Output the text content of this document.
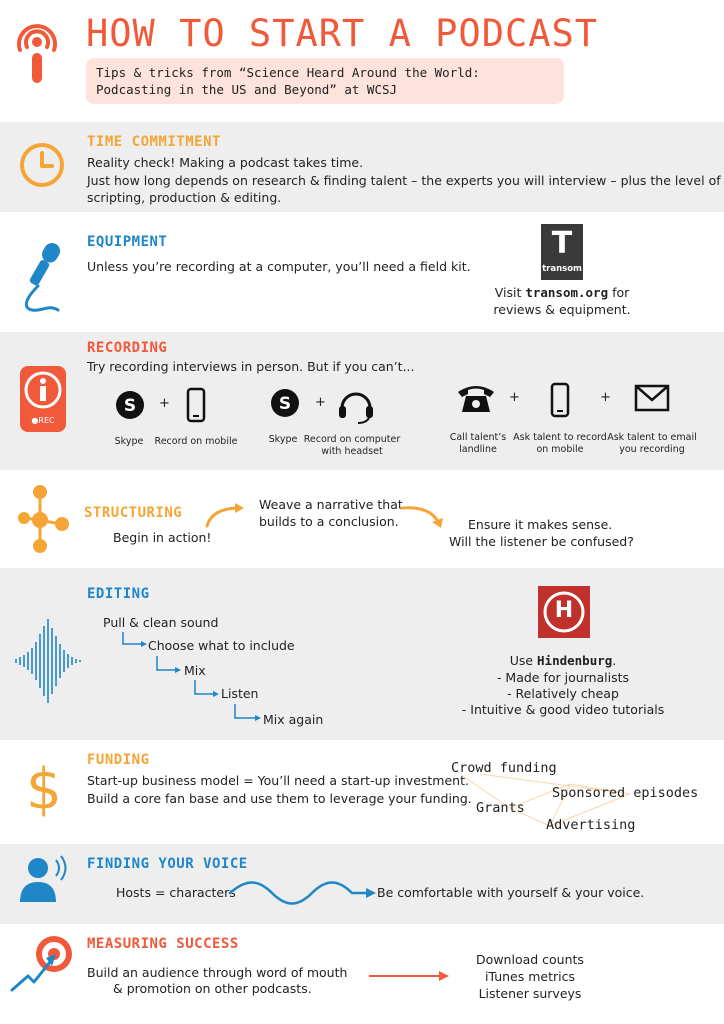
HOW TO START A PODCAST
Tips & tricks from “Science Heard Around the World:
Podcasting in the US and Beyond” at WCSJ
TIME COMMITMENT
Reality check! Making a podcast takes time.
Just how long depends on research & finding talent – the experts you will interview – plus the level of
scripting, production & editing.
EQUIPMENT
Unless you’re recording at a computer, you’ll need a field kit.
T
transom
Visit transom.org for
reviews & equipment.
●REC
RECORDING
Try recording interviews in person. But if you can’t...
S +
Skype	Record on mobile
S +
Skype Record on computer
with headset
+	+
Call talent’s
landline
Ask talent to record
on mobile
Ask talent to email
you recording
STRUCTURING
Begin in action!
Weave a narrative that
builds to a conclusion.	Ensure it makes sense.
Will the listener be confused?
EDITING
Pull & clean sound
Choose what to include
Mix
Listen
Mix again
H
Use Hindenburg.
- Made for journalists
- Relatively cheap
- Intuitive & good video tutorials
$ FUNDING
Start-up business model = You’ll need a start-up investment.
Build a core fan base and use them to leverage your funding.
Crowd funding
Sponsored episodes
Grants
Advertising
FINDING YOUR VOICE
Hosts = characters	Be comfortable with yourself & your voice.
MEASURING SUCCESS
Build an audience through word of mouth
& promotion on other podcasts.
Download counts
iTunes metrics
Listener surveys
